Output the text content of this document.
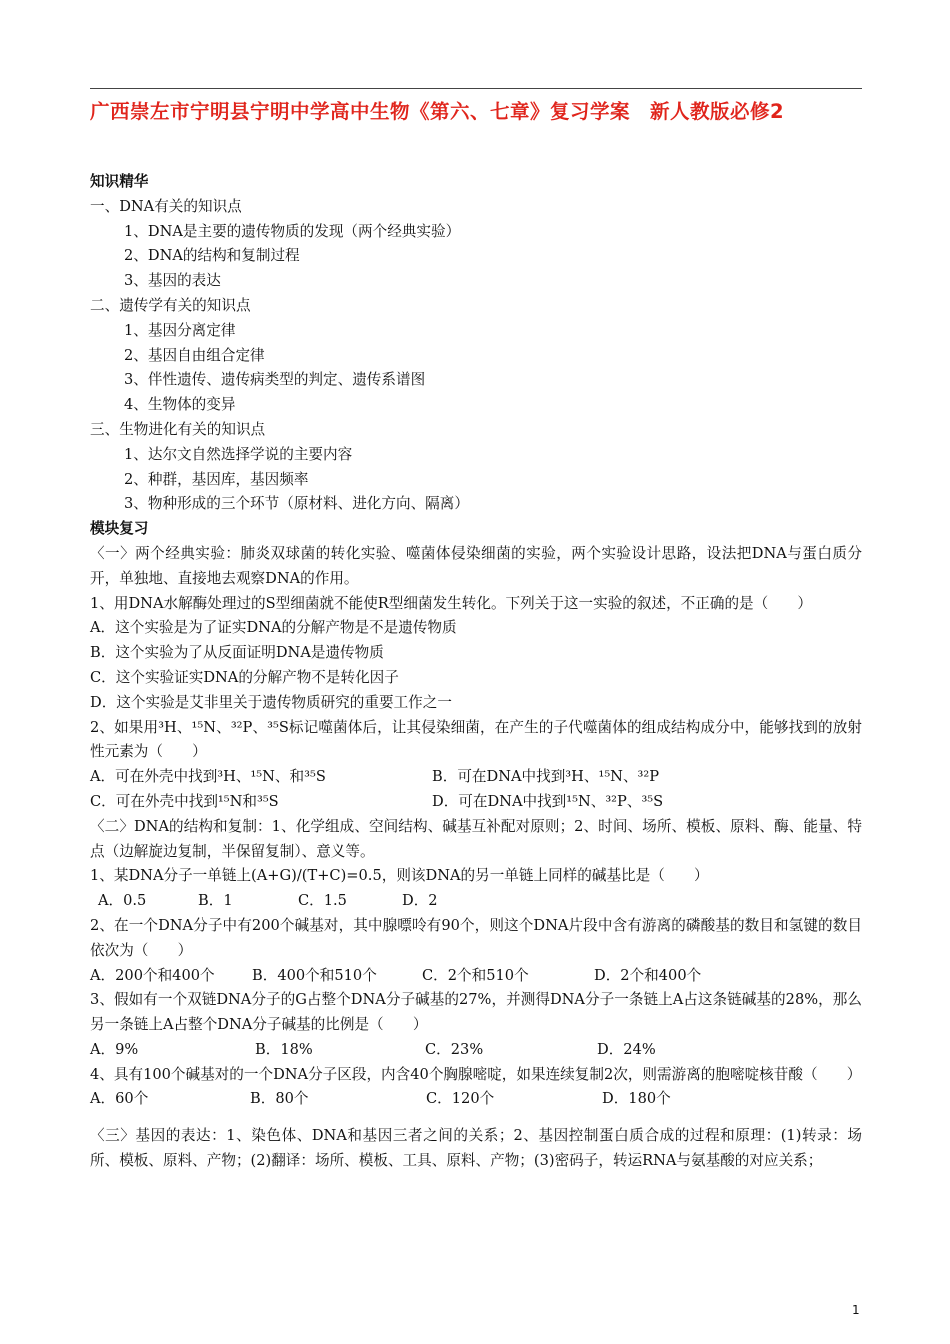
广西崇左市宁明县宁明中学高中生物《第六、七章》复习学案　新人教版必修2
知识精华
一、DNA有关的知识点
1、DNA是主要的遗传物质的发现（两个经典实验）
2、DNA的结构和复制过程
3、基因的表达
二、遗传学有关的知识点
1、基因分离定律
2、基因自由组合定律
3、伴性遗传、遗传病类型的判定、遗传系谱图
4、生物体的变异
三、生物进化有关的知识点
1、达尔文自然选择学说的主要内容
2、种群，基因库，基因频率
3、物种形成的三个环节（原材料、进化方向、隔离）
模块复习
〈一〉两个经典实验：肺炎双球菌的转化实验、噬菌体侵染细菌的实验，两个实验设计思路，设法把DNA与蛋白质分开，单独地、直接地去观察DNA的作用。
1、用DNA水解酶处理过的S型细菌就不能使R型细菌发生转化。下列关于这一实验的叙述，不正确的是（　　）
A．这个实验是为了证实DNA的分解产物是不是遗传物质
B．这个实验为了从反面证明DNA是遗传物质
C．这个实验证实DNA的分解产物不是转化因子
D．这个实验是艾非里关于遗传物质研究的重要工作之一
2、如果用³H、¹⁵N、³²P、³⁵S标记噬菌体后，让其侵染细菌，在产生的子代噬菌体的组成结构成分中，能够找到的放射性元素为（　　）
A．可在外壳中找到³H、¹⁵N、和³⁵S	B．可在DNA中找到³H、¹⁵N、³²P
C．可在外壳中找到¹⁵N和³⁵S	D．可在DNA中找到¹⁵N、³²P、³⁵S
〈二〉DNA的结构和复制：1、化学组成、空间结构、碱基互补配对原则；2、时间、场所、模板、原料、酶、能量、特点（边解旋边复制，半保留复制）、意义等。
1、某DNA分子一单链上(A+G)/(T+C)=0.5，则该DNA的另一单链上同样的碱基比是（　　）
A．0.5	B．1	C．1.5	D．2
2、在一个DNA分子中有200个碱基对，其中腺嘌呤有90个，则这个DNA片段中含有游离的磷酸基的数目和氢键的数目依次为（　　）
A．200个和400个	B．400个和510个	C．2个和510个	D．2个和400个
3、假如有一个双链DNA分子的G占整个DNA分子碱基的27%，并测得DNA分子一条链上A占这条链碱基的28%，那么另一条链上A占整个DNA分子碱基的比例是（　　）
A．9%	B．18%	C．23%	D．24%
4、具有100个碱基对的一个DNA分子区段，内含40个胸腺嘧啶，如果连续复制2次，则需游离的胞嘧啶核苷酸（　　）
A．60个	B．80个	C．120个	D．180个
〈三〉基因的表达：1、染色体、DNA和基因三者之间的关系；2、基因控制蛋白质合成的过程和原理：(1)转录：场所、模板、原料、产物；(2)翻译：场所、模板、工具、原料、产物；(3)密码子，转运RNA与氨基酸的对应关系；
1
